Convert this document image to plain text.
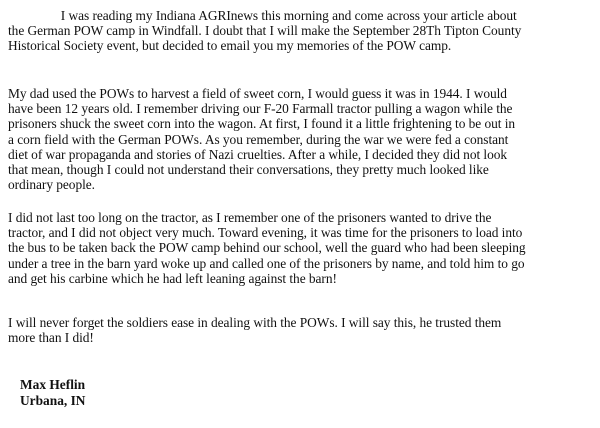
I was reading my Indiana AGRInews this morning and come across your article about
the German POW camp in Windfall. I doubt that I will make the September 28Th Tipton County
Historical Society event, but decided to email you my memories of the POW camp.

My dad used the POWs to harvest a field of sweet corn, I would guess it was in 1944. I would
have been 12 years old. I remember driving our F-20 Farmall tractor pulling a wagon while the
prisoners shuck the sweet corn into the wagon. At first, I found it a little frightening to be out in
a corn field with the German POWs. As you remember, during the war we were fed a constant
diet of war propaganda and stories of Nazi cruelties. After a while, I decided they did not look
that mean, though I could not understand their conversations, they pretty much looked like
ordinary people.

I did not last too long on the tractor, as I remember one of the prisoners wanted to drive the
tractor, and I did not object very much. Toward evening, it was time for the prisoners to load into
the bus to be taken back the POW camp behind our school, well the guard who had been sleeping
under a tree in the barn yard woke up and called one of the prisoners by name, and told him to go
and get his carbine which he had left leaning against the barn!

I will never forget the soldiers ease in dealing with the POWs. I will say this, he trusted them
more than I did!

Max Heflin

Urbana, IN
